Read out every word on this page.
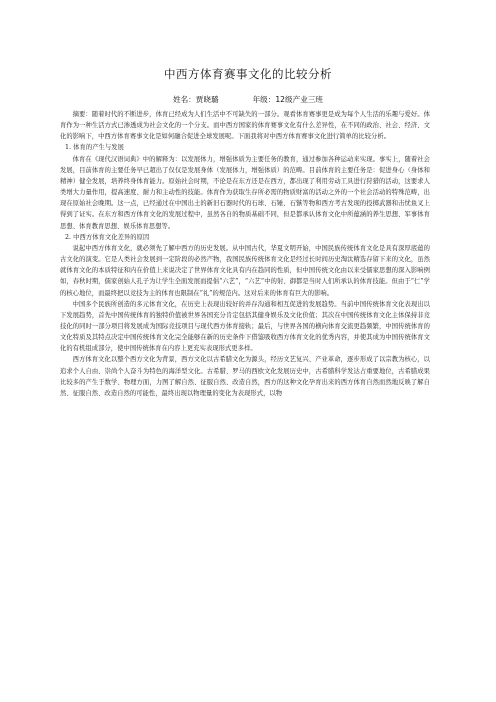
中西方体育赛事文化的比较分析
姓名：贾晓璐	年级：12级产业三班

摘要：随着时代的不断进步，体育已经成为人们生活中不可缺失的一部分。观看体育赛事更是成为每个人生活的乐趣与爱好。体育作为一种生活方式已渗透成为社会文化的一个分支。而中西方国家的体育赛事文化有什么差异性，在不同的政治、社会、经济、文化的影响下，中西方体育赛事文化是如何融合促进全球发展呢。下面我将对中西方体育赛事文化进行简单的比较分析。

1. 体育的产生与发展

体育在《现代汉语词典》中的解释为：以发展体力，增强体质为主要任务的教育，通过参加各种运动来实现。事实上，随着社会发展，目前体育的主要任务早已超出了仅仅是发展身体（发展体力，增强体质）的范畴。目前体育的主要任务是：促进身心（身体和精神）健全发展，培养终身体育能力。原始社会时期，不论是在东方还是在西方，都出现了利用劳动工具进行狩猎的活动，这要求人类增大力量作用，提高速度、耐力和主动性的技能。体育作为获取生存所必需的物质财富的活动之外的一个社会活动的特殊范畴，出现在原始社会晚期。这一点，已经通过在中国出土的新旧石器时代的石球、石锤、石镞等物和西方考古发现的投掷武器和击忧鱼叉上得到了证实。在东方和西方体育文化的发展过程中，虽然各自的物质基础不同，但是都承认体育文化中所蕴涵的养生思想、军事体育思想、体育教育思想、娱乐体育思想等。

2. 中西方体育文化差异的原因

说起中西方体育文化，就必须先了解中西方的历史发展。从中国古代，华夏文明开始，中国民族传统体育文化是具有深厚底蕴的古文化的演变。它是人类社会发展到一定阶段的必然产物，我国民族传统体育文化是经过长时间历史淘汰精选存留下来的文化，虽然就体育文化的本质特征和内在价值上来说决定了世界体育文化具有内在趋同的性质，但中国传统文化由以来受儒家思想的深入影响例如，春秋时期，儒家创始人孔子为让学生全面发展而提倡“六艺”，“六艺”中的射、御都是当时人们所承认的体育技能。但由于“仁”学的核心地位，而最终把以竞技为主的体育也限制在“礼”的规范内。这对后来的体育有巨大的影响。

中国多个民族所创造的多元体育文化，在历史上表现出较好的并存沟通和相互促进的发展趋势。当前中国传统体育文化表现出以下发展趋势，首先中国传统体育的独特价值被世界各国充分肯定包括其健身娱乐及文化价值；其次在中国传统体育文化主体保持非竞技化的同时一部分项目将发展成为国际竞技项目与现代西方体育接轨；最后，与世界各国的横向体育交流更趋频繁，中国传统体育的文化特质及其特点决定中国传统体育文化完全能够在新的历史条件下借鉴吸收西方体育文化的优秀内容，并使其成为中国传统体育文化的有机组成部分，使中国传统体育在内容上更充实表现形式更多样。

西方体育文化以整个西方文化为背景，西方文化以古希腊文化为源头，经历文艺复兴、产业革命，逐步形成了以宗教为核心，以追求个人自由、崇尚个人奋斗为特色的海洋型文化。古希腊、罗马的西欧文化发展历史中，古希腊科学发达占重要地位，古希腊成果比较多的产生于数学、物理方面，力图了解自然、征服自然、改造自然，西方的这种文化孕育出来的西方体育自然而然地反映了解自然、征服自然、改造自然的可能性，最终出现以物理量的变化为表现形式，以物
